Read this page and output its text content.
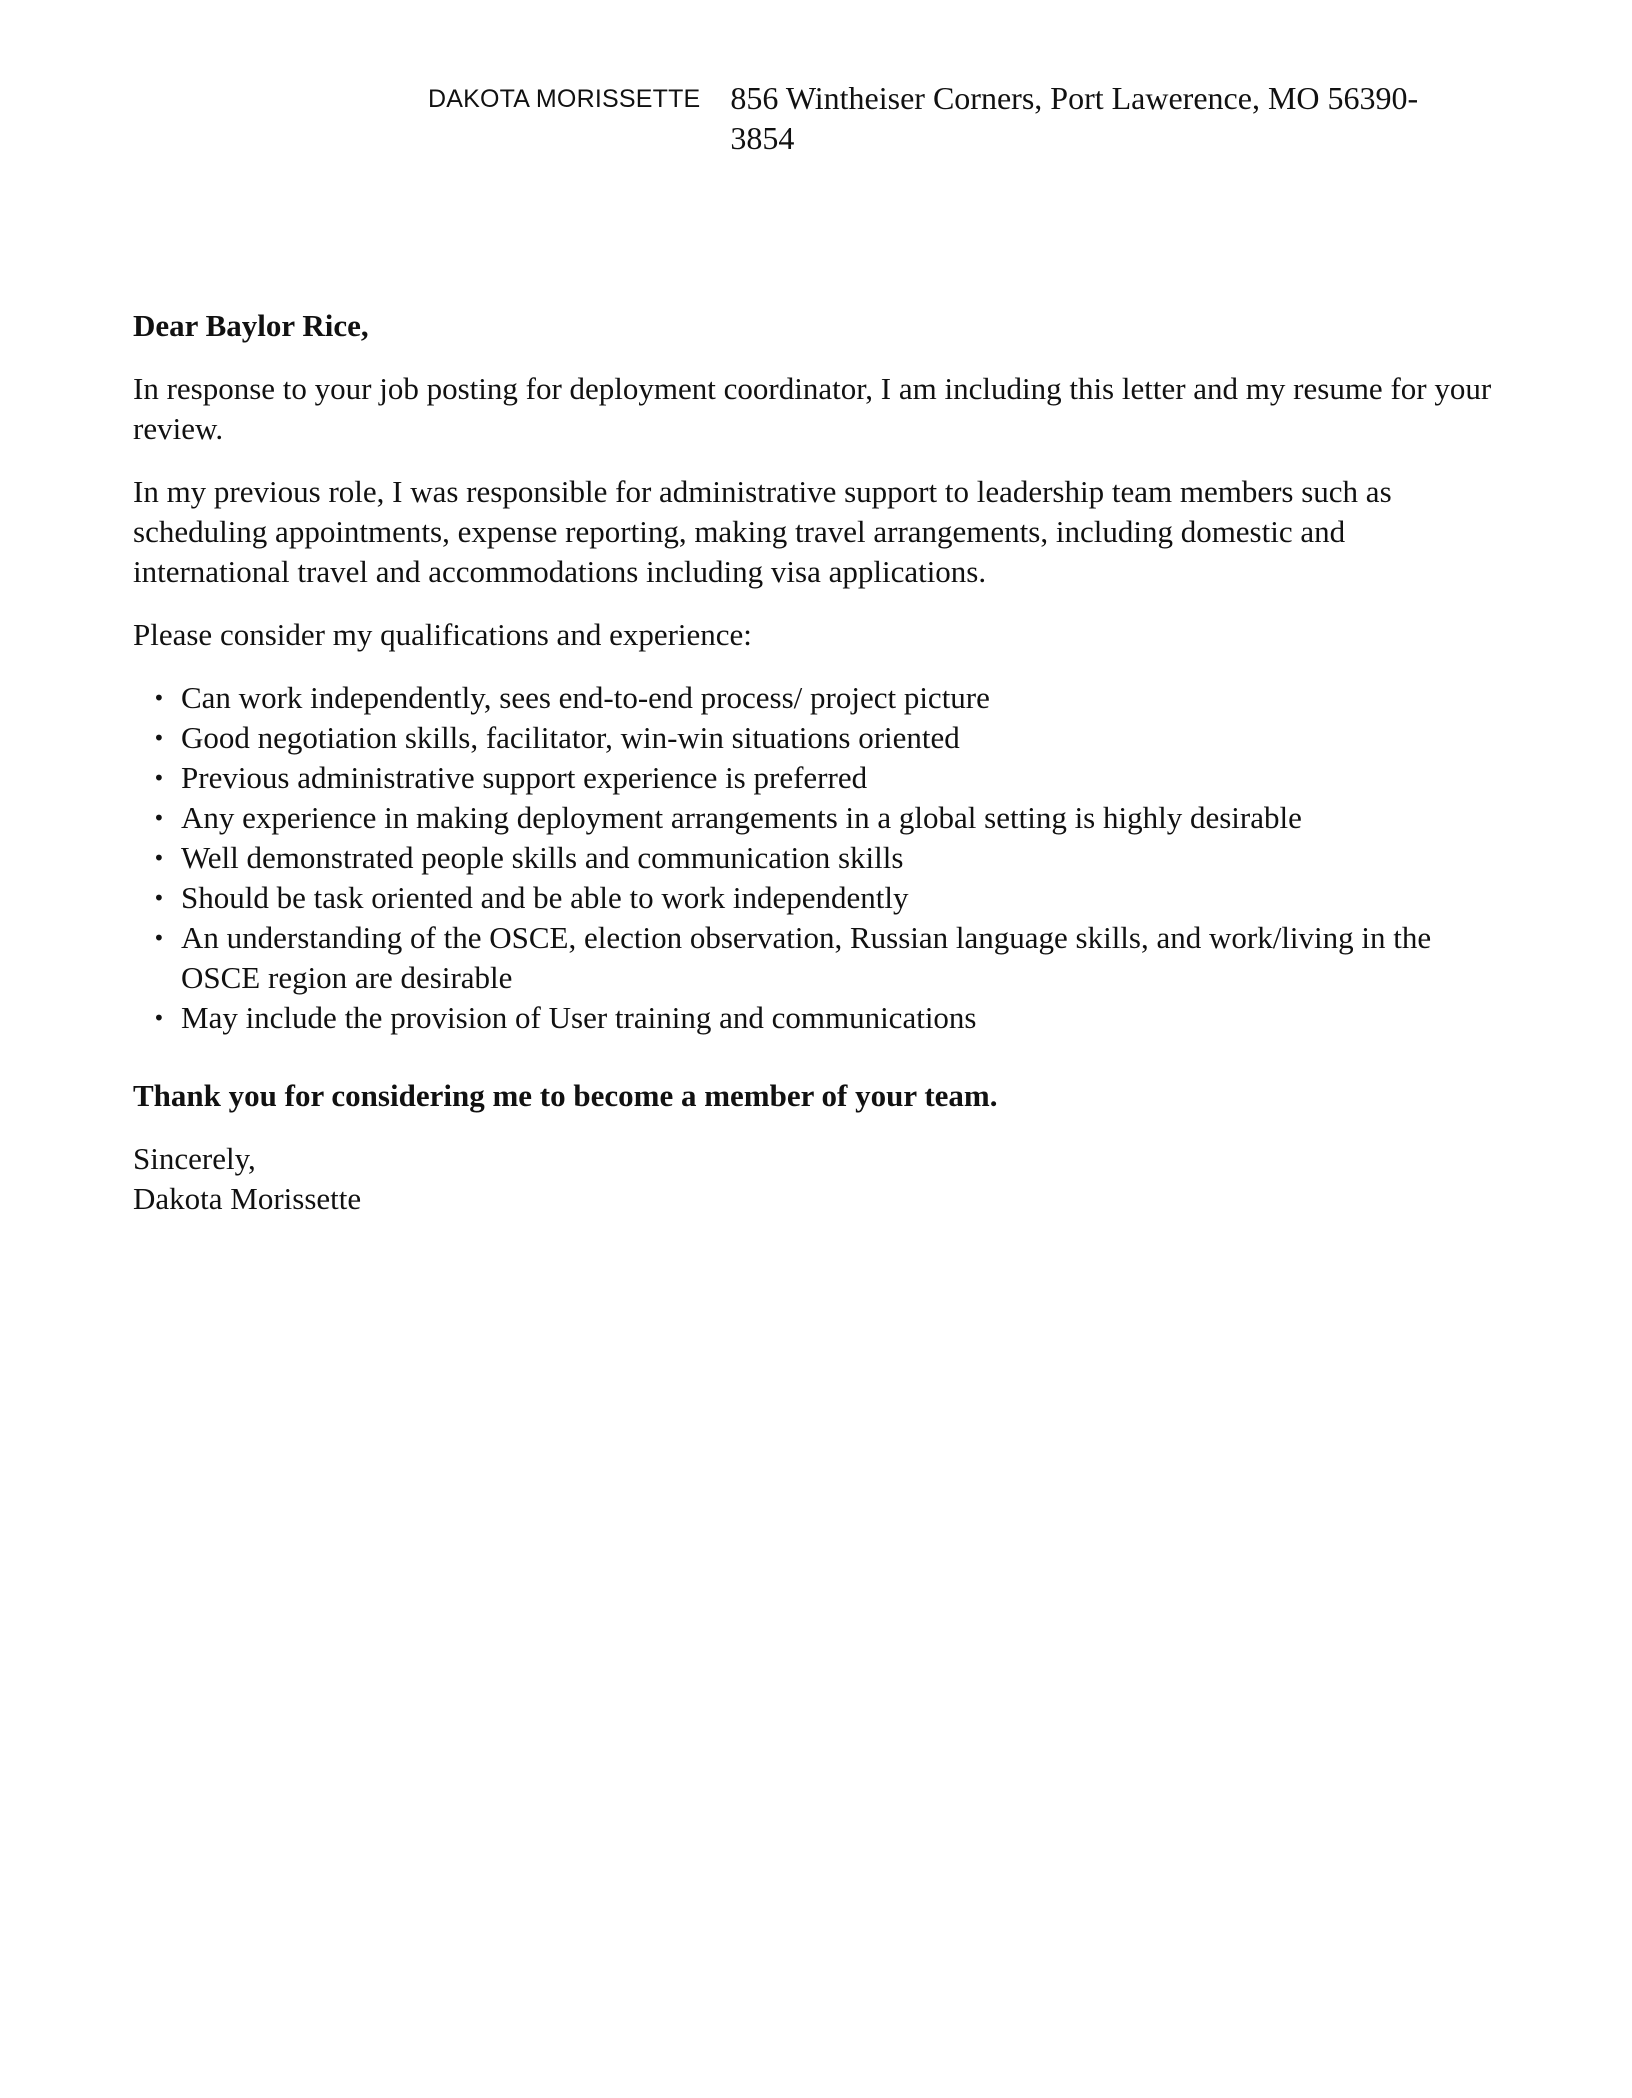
DAKOTA MORISSETTE 856 Wintheiser Corners, Port Lawerence, MO 56390-3854
Dear Baylor Rice,

In response to your job posting for deployment coordinator, I am including this letter and my resume for your review.

In my previous role, I was responsible for administrative support to leadership team members such as scheduling appointments, expense reporting, making travel arrangements, including domestic and international travel and accommodations including visa applications.

Please consider my qualifications and experience:

• Can work independently, sees end-to-end process/ project picture
• Good negotiation skills, facilitator, win-win situations oriented
• Previous administrative support experience is preferred
• Any experience in making deployment arrangements in a global setting is highly desirable
• Well demonstrated people skills and communication skills
• Should be task oriented and be able to work independently
• An understanding of the OSCE, election observation, Russian language skills, and work/living in the OSCE region are desirable
• May include the provision of User training and communications
Thank you for considering me to become a member of your team.
Sincerely,
Dakota Morissette
